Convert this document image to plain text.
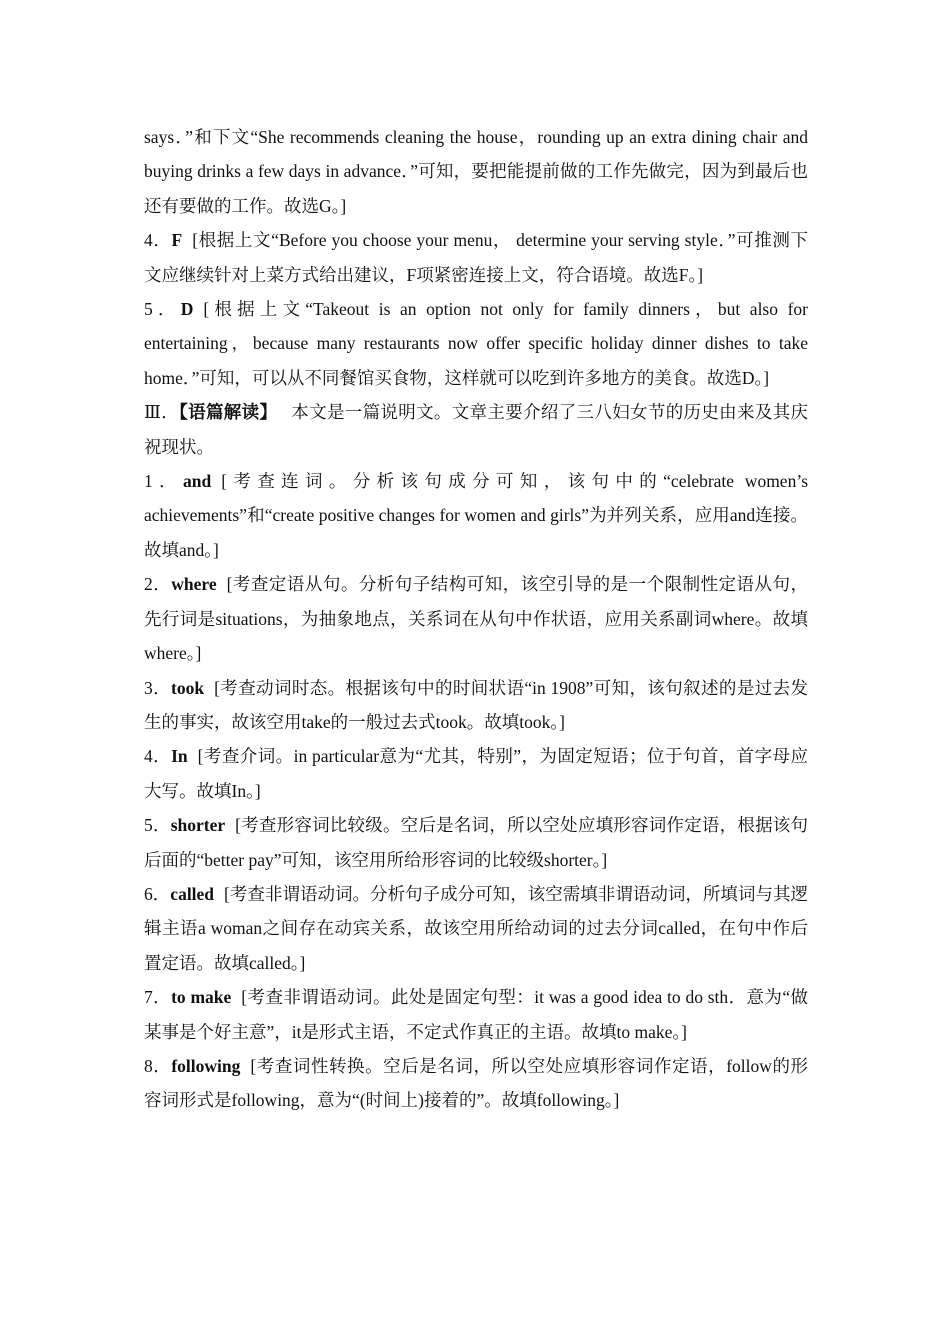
says．”和下文“She recommends cleaning the house，rounding up an extra dining chair and buying drinks a few days in advance．”可知，要把能提前做的工作先做完，因为到最后也还有要做的工作。故选G。]

4．F [根据上文“Before you choose your menu， determine your serving style．”可推测下文应继续针对上菜方式给出建议，F项紧密连接上文，符合语境。故选F。]

5．D [根据上文“Takeout is an option not only for family dinners，but also for entertaining，because many restaurants now offer specific holiday dinner dishes to take home．”可知，可以从不同餐馆买食物，这样就可以吃到许多地方的美食。故选D。]

Ⅲ．【语篇解读】 本文是一篇说明文。文章主要介绍了三八妇女节的历史由来及其庆祝现状。

1．and [考查连词。分析该句成分可知，该句中的“celebrate women’s achievements”和“create positive changes for women and girls”为并列关系，应用and连接。故填and。]

2．where [考查定语从句。分析句子结构可知，该空引导的是一个限制性定语从句，先行词是situations，为抽象地点，关系词在从句中作状语，应用关系副词where。故填where。]

3．took [考查动词时态。根据该句中的时间状语“in 1908”可知，该句叙述的是过去发生的事实，故该空用take的一般过去式took。故填took。]

4．In [考查介词。in particular意为“尤其，特别”，为固定短语；位于句首，首字母应大写。故填In。]

5．shorter [考查形容词比较级。空后是名词，所以空处应填形容词作定语，根据该句后面的“better pay”可知，该空用所给形容词的比较级shorter。]

6．called [考查非谓语动词。分析句子成分可知，该空需填非谓语动词，所填词与其逻辑主语a woman之间存在动宾关系，故该空用所给动词的过去分词called，在句中作后置定语。故填called。]

7．to make [考查非谓语动词。此处是固定句型：it was a good idea to do sth．意为“做某事是个好主意”，it是形式主语，不定式作真正的主语。故填to make。]

8．following [考查词性转换。空后是名词，所以空处应填形容词作定语，follow的形容词形式是following，意为“(时间上)接着的”。故填following。]
